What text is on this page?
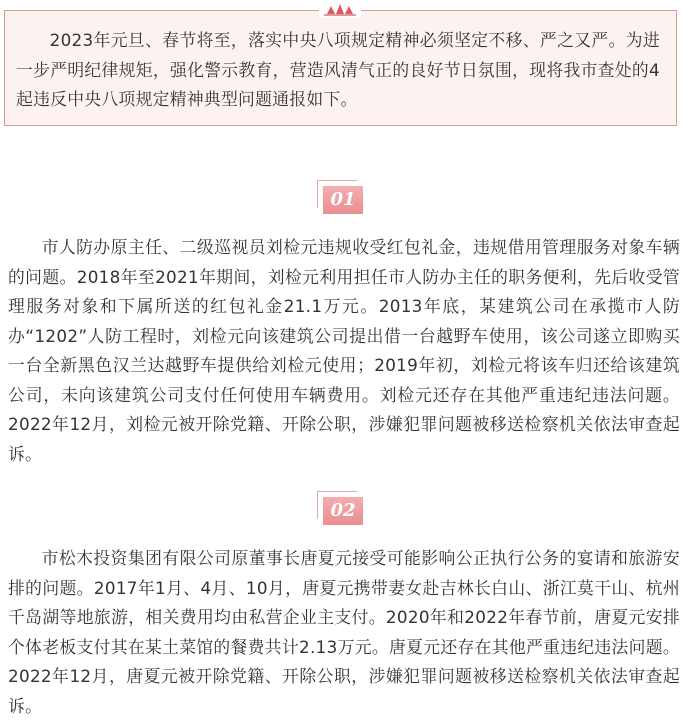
2023年元旦、春节将至，落实中央八项规定精神必须坚定不移、严之又严。为进一步严明纪律规矩，强化警示教育，营造风清气正的良好节日氛围，现将我市查处的4起违反中央八项规定精神典型问题通报如下。

01

市人防办原主任、二级巡视员刘检元违规收受红包礼金，违规借用管理服务对象车辆的问题。2018年至2021年期间，刘检元利用担任市人防办主任的职务便利，先后收受管理服务对象和下属所送的红包礼金21.1万元。2013年底，某建筑公司在承揽市人防办“1202”人防工程时，刘检元向该建筑公司提出借一台越野车使用，该公司遂立即购买一台全新黑色汉兰达越野车提供给刘检元使用；2019年初，刘检元将该车归还给该建筑公司，未向该建筑公司支付任何使用车辆费用。刘检元还存在其他严重违纪违法问题。2022年12月，刘检元被开除党籍、开除公职，涉嫌犯罪问题被移送检察机关依法审查起诉。

02

市松木投资集团有限公司原董事长唐夏元接受可能影响公正执行公务的宴请和旅游安排的问题。2017年1月、4月、10月，唐夏元携带妻女赴吉林长白山、浙江莫干山、杭州千岛湖等地旅游，相关费用均由私营企业主支付。2020年和2022年春节前，唐夏元安排个体老板支付其在某土菜馆的餐费共计2.13万元。唐夏元还存在其他严重违纪违法问题。2022年12月，唐夏元被开除党籍、开除公职，涉嫌犯罪问题被移送检察机关依法审查起诉。
